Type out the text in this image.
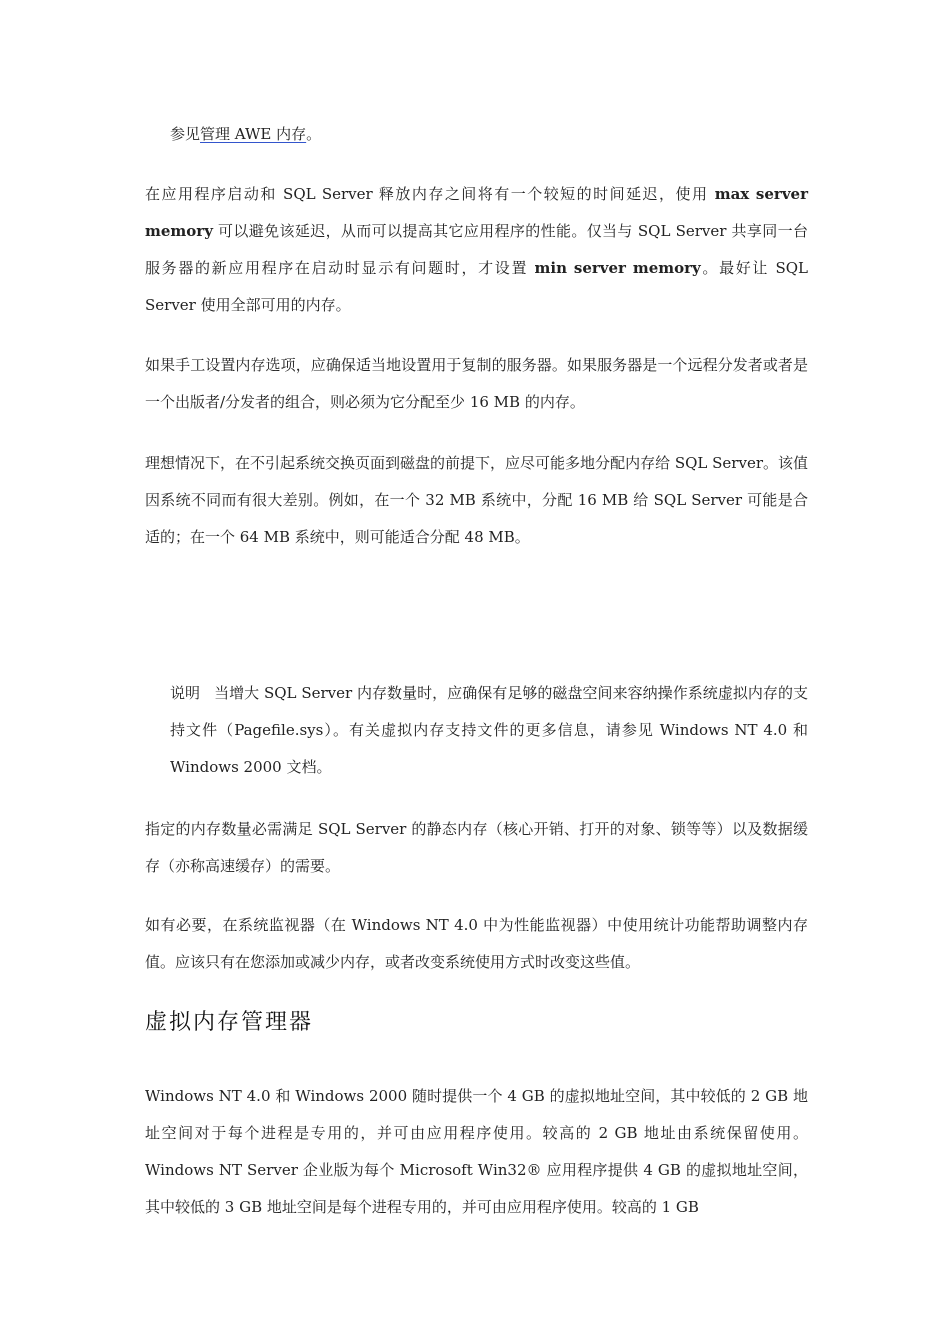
参见管理 AWE 内存。

在应用程序启动和 SQL Server 释放内存之间将有一个较短的时间延迟，使用 max server memory 可以避免该延迟，从而可以提高其它应用程序的性能。仅当与 SQL Server 共享同一台服务器的新应用程序在启动时显示有问题时，才设置 min server memory。最好让 SQL Server 使用全部可用的内存。

如果手工设置内存选项，应确保适当地设置用于复制的服务器。如果服务器是一个远程分发者或者是一个出版者/分发者的组合，则必须为它分配至少 16 MB 的内存。

理想情况下，在不引起系统交换页面到磁盘的前提下，应尽可能多地分配内存给 SQL Server。该值因系统不同而有很大差别。例如，在一个 32 MB 系统中，分配 16 MB 给 SQL Server 可能是合适的；在一个 64 MB 系统中，则可能适合分配 48 MB。

说明 当增大 SQL Server 内存数量时，应确保有足够的磁盘空间来容纳操作系统虚拟内存的支持文件（Pagefile.sys）。有关虚拟内存支持文件的更多信息，请参见 Windows NT 4.0 和 Windows 2000 文档。

指定的内存数量必需满足 SQL Server 的静态内存（核心开销、打开的对象、锁等等）以及数据缓存（亦称高速缓存）的需要。

如有必要，在系统监视器（在 Windows NT 4.0 中为性能监视器）中使用统计功能帮助调整内存值。应该只有在您添加或减少内存，或者改变系统使用方式时改变这些值。

虚拟内存管理器

Windows NT 4.0 和 Windows 2000 随时提供一个 4 GB 的虚拟地址空间，其中较低的 2 GB 地址空间对于每个进程是专用的，并可由应用程序使用。较高的 2 GB 地址由系统保留使用。Windows NT Server 企业版为每个 Microsoft Win32® 应用程序提供 4 GB 的虚拟地址空间，其中较低的 3 GB 地址空间是每个进程专用的，并可由应用程序使用。较高的 1 GB
